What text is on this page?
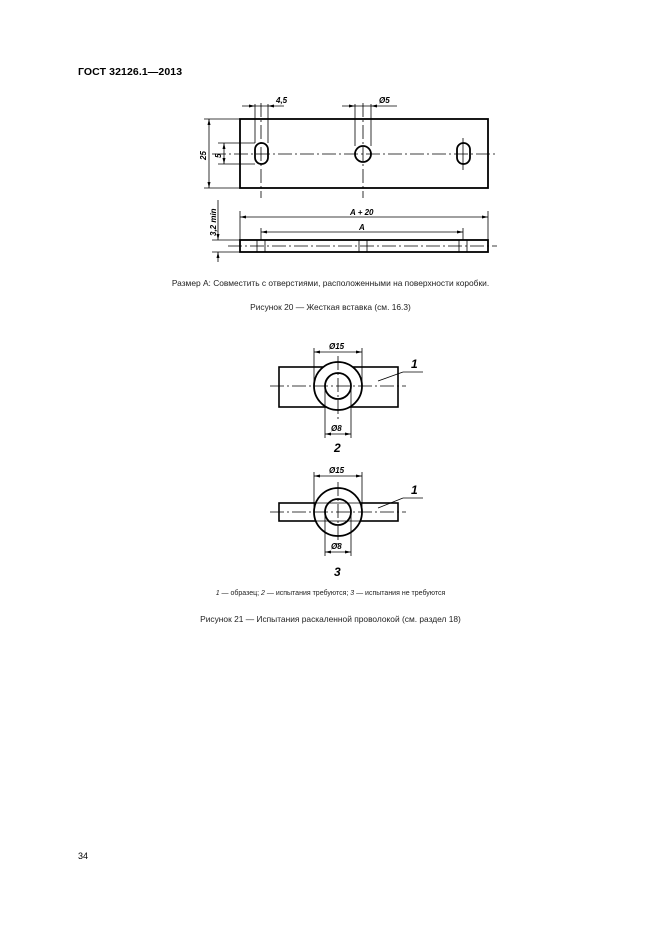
ГОСТ 32126.1—2013
4,5	Ø5
25 5
3,2 min	A + 20
A
Размер A: Совместить с отверстиями, расположенными на поверхности коробки.
Рисунок 20 — Жесткая вставка (см. 16.3)
Ø15
Ø8
1
2
Ø15
Ø8
1
3
1 — образец; 2 — испытания требуются; 3 — испытания не требуются
Рисунок 21 — Испытания раскаленной проволокой (см. раздел 18)
34
